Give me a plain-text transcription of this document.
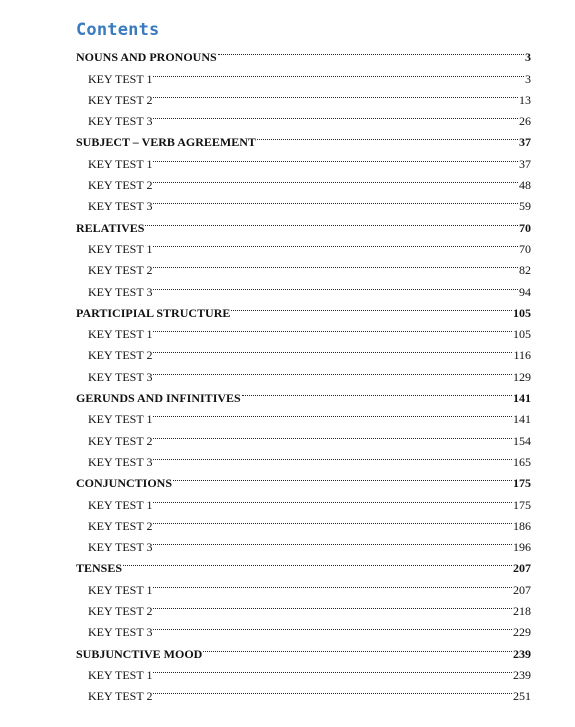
Contents
NOUNS AND PRONOUNS	3
KEY TEST 1	3
KEY TEST 2	13
KEY TEST 3	26
SUBJECT – VERB AGREEMENT	37
KEY TEST 1	37
KEY TEST 2	48
KEY TEST 3	59
RELATIVES	70
KEY TEST 1	70
KEY TEST 2	82
KEY TEST 3	94
PARTICIPIAL STRUCTURE	105
KEY TEST 1	105
KEY TEST 2	116
KEY TEST 3	129
GERUNDS AND INFINITIVES	141
KEY TEST 1	141
KEY TEST 2	154
KEY TEST 3	165
CONJUNCTIONS	175
KEY TEST 1	175
KEY TEST 2	186
KEY TEST 3	196
TENSES	207
KEY TEST 1	207
KEY TEST 2	218
KEY TEST 3	229
SUBJUNCTIVE MOOD	239
KEY TEST 1	239
KEY TEST 2	251
